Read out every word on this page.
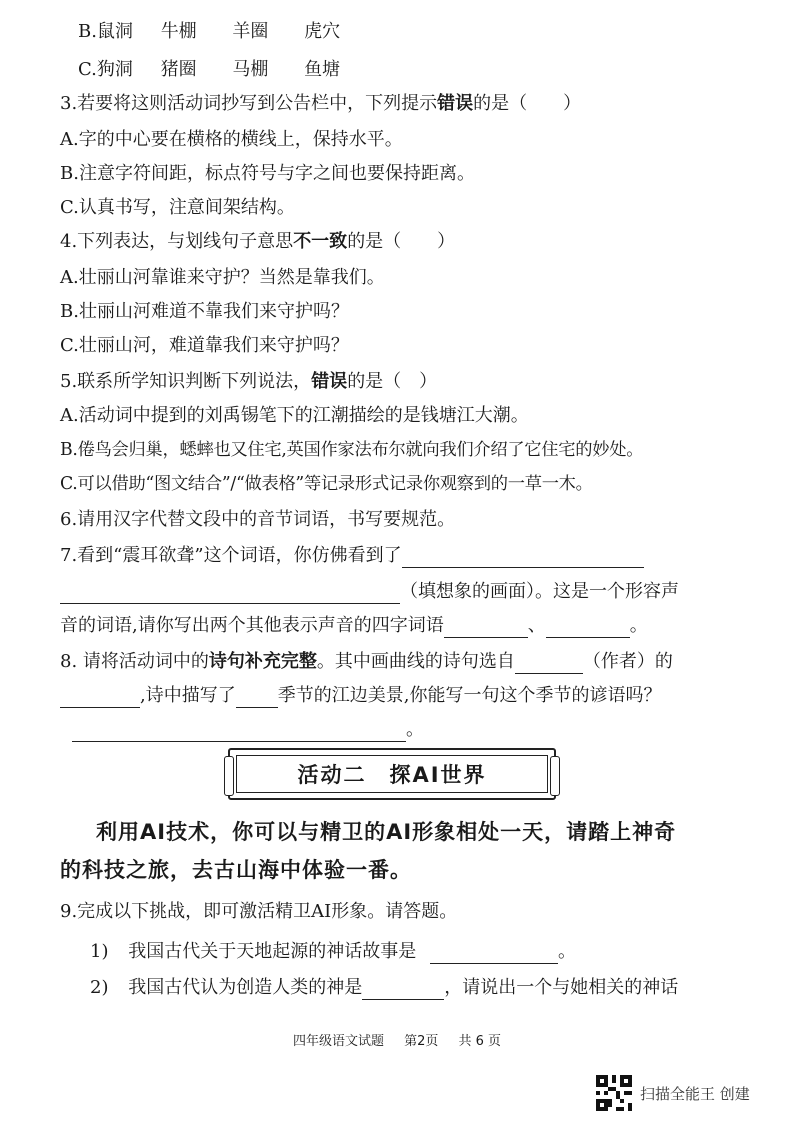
B.鼠洞 牛棚 羊圈 虎穴
C.狗洞 猪圈 马棚 鱼塘
3.若要将这则活动词抄写到公告栏中，下列提示错误的是（　　）
A.字的中心要在横格的横线上，保持水平。
B.注意字符间距，标点符号与字之间也要保持距离。
C.认真书写，注意间架结构。
4.下列表达，与划线句子意思不一致的是（　　）
A.壮丽山河靠谁来守护？当然是靠我们。
B.壮丽山河难道不靠我们来守护吗？
C.壮丽山河，难道靠我们来守护吗？
5.联系所学知识判断下列说法，错误的是（　）
A.活动词中提到的刘禹锡笔下的江潮描绘的是钱塘江大潮。
B.倦鸟会归巢，蟋蟀也又住宅,英国作家法布尔就向我们介绍了它住宅的妙处。
C.可以借助“图文结合”/“做表格”等记录形式记录你观察到的一草一木。
6.请用汉字代替文段中的音节词语，书写要规范。
7.看到“震耳欲聋”这个词语，你仿佛看到了
（填想象的画面）。这是一个形容声
音的词语,请你写出两个其他表示声音的四字词语	、	。
8. 请将活动词中的诗句补充完整。其中画曲线的诗句选自	（作者）的
,诗中描写了 季节的江边美景,你能写一句这个季节的谚语吗？
。
活动二　探AI世界
利用AI技术，你可以与精卫的AI形象相处一天，请踏上神奇
的科技之旅，去古山海中体验一番。
9.完成以下挑战，即可激活精卫AI形象。请答题。
1) 我国古代关于天地起源的神话故事是	。
2) 我国古代认为创造人类的神是	，请说出一个与她相关的神话
四年级语文试题 第2页 共 6 页
扫描全能王 创建
